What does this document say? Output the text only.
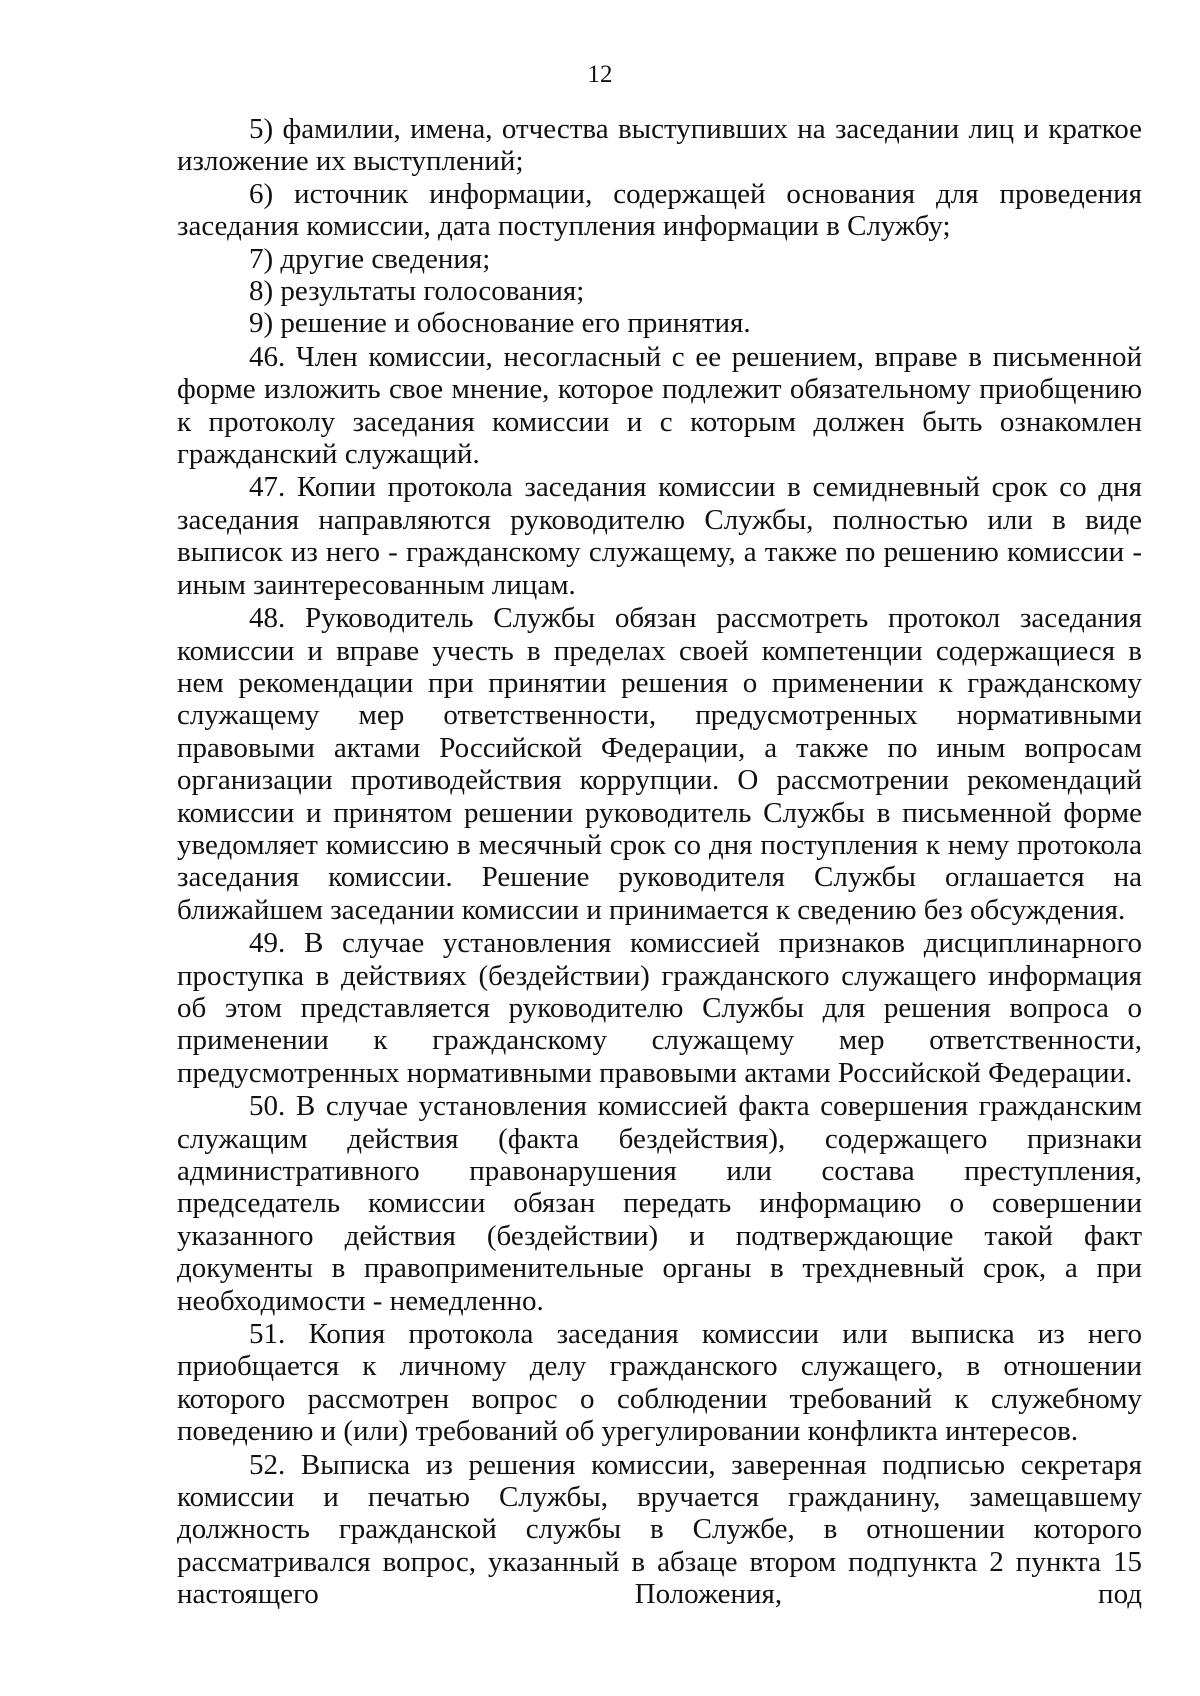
12

5) фамилии, имена, отчества выступивших на заседании лиц и краткое изложение их выступлений;

6) источник информации, содержащей основания для проведения заседания комиссии, дата поступления информации в Службу;

7) другие сведения;

8) результаты голосования;

9) решение и обоснование его принятия.

46. Член комиссии, несогласный с ее решением, вправе в письменной форме изложить свое мнение, которое подлежит обязательному приобщению к протоколу заседания комиссии и с которым должен быть ознакомлен гражданский служащий.

47. Копии протокола заседания комиссии в семидневный срок со дня заседания направляются руководителю Службы, полностью или в виде выписок из него - гражданскому служащему, а также по решению комиссии - иным заинтересованным лицам.

48. Руководитель Службы обязан рассмотреть протокол заседания комиссии и вправе учесть в пределах своей компетенции содержащиеся в нем рекомендации при принятии решения о применении к гражданскому служащему мер ответственности, предусмотренных нормативными правовыми актами Российской Федерации, а также по иным вопросам организации противодействия коррупции. О рассмотрении рекомендаций комиссии и принятом решении руководитель Службы в письменной форме уведомляет комиссию в месячный срок со дня поступления к нему протокола заседания комиссии. Решение руководителя Службы оглашается на ближайшем заседании комиссии и принимается к сведению без обсуждения.

49. В случае установления комиссией признаков дисциплинарного проступка в действиях (бездействии) гражданского служащего информация об этом представляется руководителю Службы для решения вопроса о применении к гражданскому служащему мер ответственности, предусмотренных нормативными правовыми актами Российской Федерации.

50. В случае установления комиссией факта совершения гражданским служащим действия (факта бездействия), содержащего признаки административного правонарушения или состава преступления, председатель комиссии обязан передать информацию о совершении указанного действия (бездействии) и подтверждающие такой факт документы в правоприменительные органы в трехдневный срок, а при необходимости - немедленно.

51. Копия протокола заседания комиссии или выписка из него приобщается к личному делу гражданского служащего, в отношении которого рассмотрен вопрос о соблюдении требований к служебному поведению и (или) требований об урегулировании конфликта интересов.

52. Выписка из решения комиссии, заверенная подписью секретаря комиссии и печатью Службы, вручается гражданину, замещавшему должность гражданской службы в Службе, в отношении которого рассматривался вопрос, указанный в абзаце втором подпункта 2 пункта 15 настоящего Положения, под
